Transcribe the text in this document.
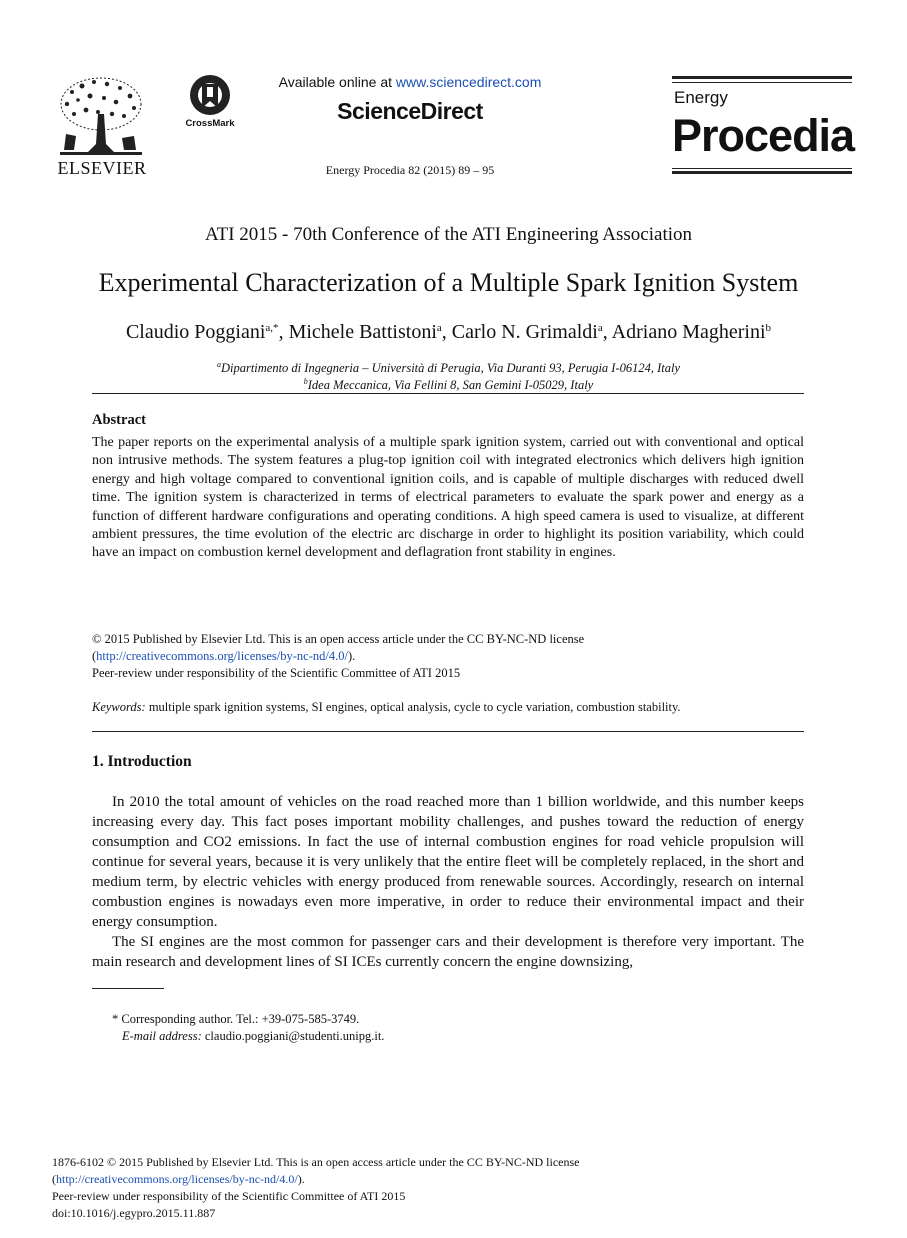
ELSEVIER
CrossMark
Available online at www.sciencedirect.com
ScienceDirect
Energy Procedia 82 (2015) 89 – 95
Energy
Procedia
ATI 2015 - 70th Conference of the ATI Engineering Association
Experimental Characterization of a Multiple Spark Ignition System
Claudio Poggiani$^{a,*}$, Michele Battistoni$^a$, Carlo N. Grimaldi$^a$, Adriano Magherini$^b$
$^a$Dipartimento di Ingegneria – Università di Perugia, Via Duranti 93, Perugia I-06124, Italy
$^b$Idea Meccanica, Via Fellini 8, San Gemini I-05029, Italy
Abstract
The paper reports on the experimental analysis of a multiple spark ignition system, carried out with conventional and optical non intrusive methods. The system features a plug-top ignition coil with integrated electronics which delivers high ignition energy and high voltage compared to conventional ignition coils, and is capable of multiple discharges with reduced dwell time. The ignition system is characterized in terms of electrical parameters to evaluate the spark power and energy as a function of different hardware configurations and operating conditions. A high speed camera is used to visualize, at different ambient pressures, the time evolution of the electric arc discharge in order to highlight its position variability, which could have an impact on combustion kernel development and deflagration front stability in engines.
© 2015 Published by Elsevier Ltd. This is an open access article under the CC BY-NC-ND license
(http://creativecommons.org/licenses/by-nc-nd/4.0/).
Peer-review under responsibility of the Scientific Committee of ATI 2015
Keywords: multiple spark ignition systems, SI engines, optical analysis, cycle to cycle variation, combustion stability.
1. Introduction

In 2010 the total amount of vehicles on the road reached more than 1 billion worldwide, and this number keeps increasing every day. This fact poses important mobility challenges, and pushes toward the reduction of energy consumption and CO2 emissions. In fact the use of internal combustion engines for road vehicle propulsion will continue for several years, because it is very unlikely that the entire fleet will be completely replaced, in the short and medium term, by electric vehicles with energy produced from renewable sources. Accordingly, research on internal combustion engines is nowadays even more imperative, in order to reduce their environmental impact and their energy consumption.

The SI engines are the most common for passenger cars and their development is therefore very important. The main research and development lines of SI ICEs currently concern the engine downsizing,

* Corresponding author. Tel.: +39-075-585-3749.
E-mail address: claudio.poggiani@studenti.unipg.it.
1876-6102 © 2015 Published by Elsevier Ltd. This is an open access article under the CC BY-NC-ND license
(http://creativecommons.org/licenses/by-nc-nd/4.0/).
Peer-review under responsibility of the Scientific Committee of ATI 2015
doi:10.1016/j.egypro.2015.11.887
